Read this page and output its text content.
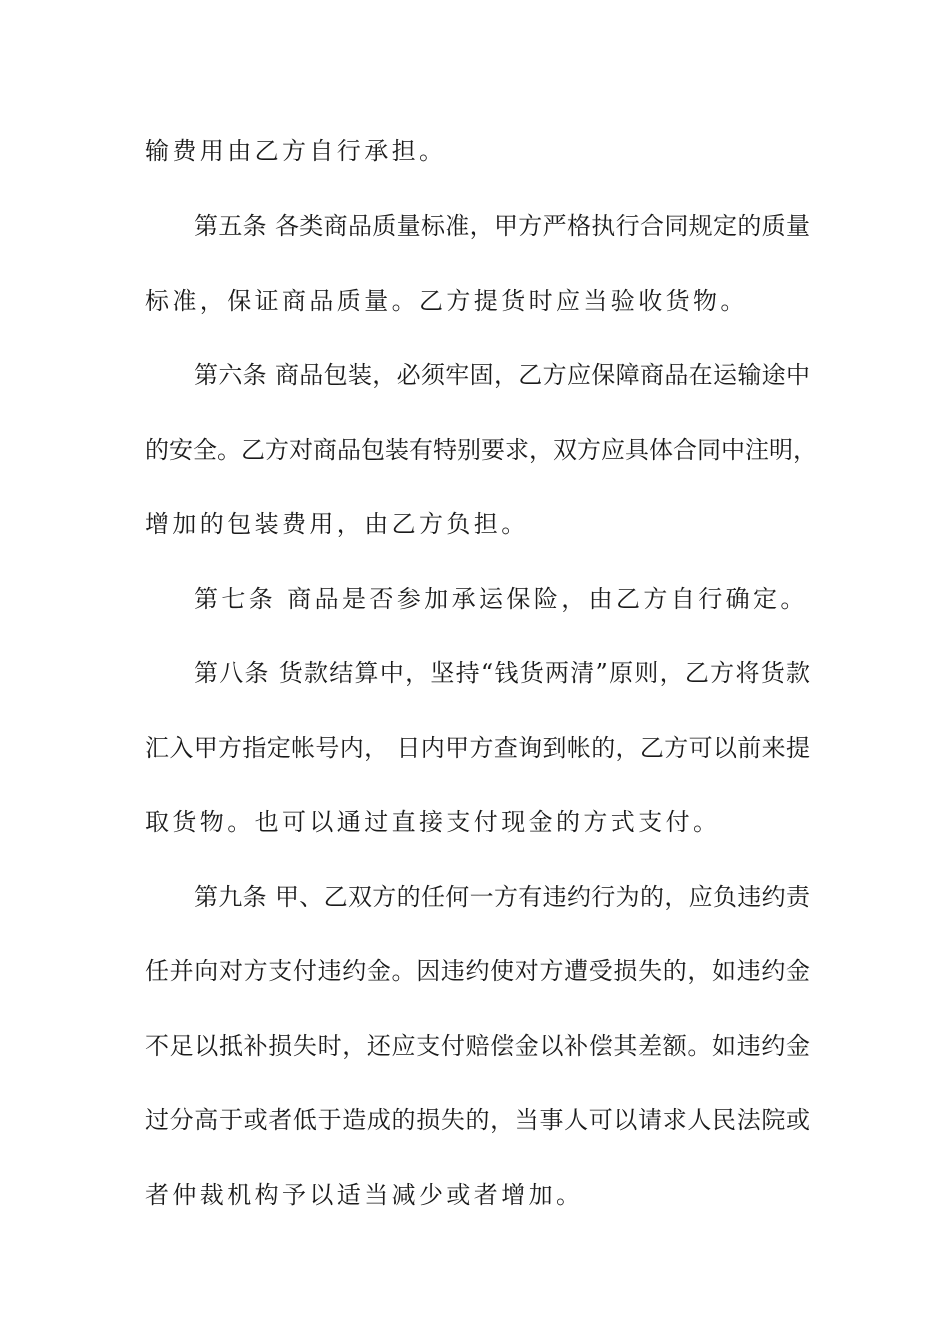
输费用由乙方自行承担。
第五条 各类商品质量标准，甲方严格执行合同规定的质量
标准，保证商品质量。乙方提货时应当验收货物。
第六条 商品包装，必须牢固，乙方应保障商品在运输途中
的安全。乙方对商品包装有特别要求，双方应具体合同中注明，
增加的包装费用，由乙方负担。
第七条 商品是否参加承运保险，由乙方自行确定。
第八条 货款结算中，坚持“钱货两清”原则，乙方将货款
汇入甲方指定帐号内， 日内甲方查询到帐的，乙方可以前来提
取货物。也可以通过直接支付现金的方式支付。
第九条 甲、乙双方的任何一方有违约行为的，应负违约责
任并向对方支付违约金。因违约使对方遭受损失的，如违约金
不足以抵补损失时，还应支付赔偿金以补偿其差额。如违约金
过分高于或者低于造成的损失的，当事人可以请求人民法院或
者仲裁机构予以适当减少或者增加。
